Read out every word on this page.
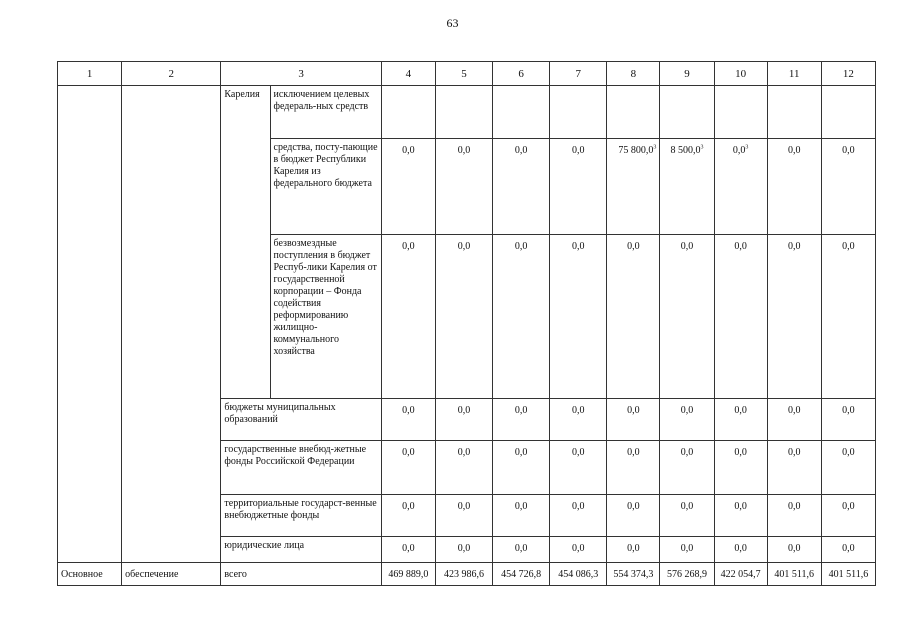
63
1	2	3		4	5	6	7	8	9	10	11	12
		Карелия	исключением целевых федераль-ных средств									
			средства, посту-пающие в бюджет Республики Карелия из федерального бюджета	0,0	0,0	0,0	0,0	75 800,0$^3$	8 500,0$^3$	$0,0^3$	0,0	0,0
			безвозмездные поступления в бюджет Респуб-лики Карелия от государственной корпорации – Фонда содействия реформированию жилищно-коммунального хозяйства	0,0	0,0	0,0	0,0	0,0	0,0	0,0	0,0	0,0
		бюджеты муниципальных образований		0,0	0,0	0,0	0,0	0,0	0,0	0,0	0,0	0,0
		государственные внебюд-жетные фонды Российской Федерации		0,0	0,0	0,0	0,0	0,0	0,0	0,0	0,0	0,0
		территориальные государст-венные внебюджетные фонды		0,0	0,0	0,0	0,0	0,0	0,0	0,0	0,0	0,0
		юридические лица		0,0	0,0	0,0	0,0	0,0	0,0	0,0	0,0	0,0
Основное	обеспечение	всего		469 889,0	423 986,6	454 726,8	454 086,3	554 374,3	576 268,9	422 054,7	401 511,6	401 511,6
